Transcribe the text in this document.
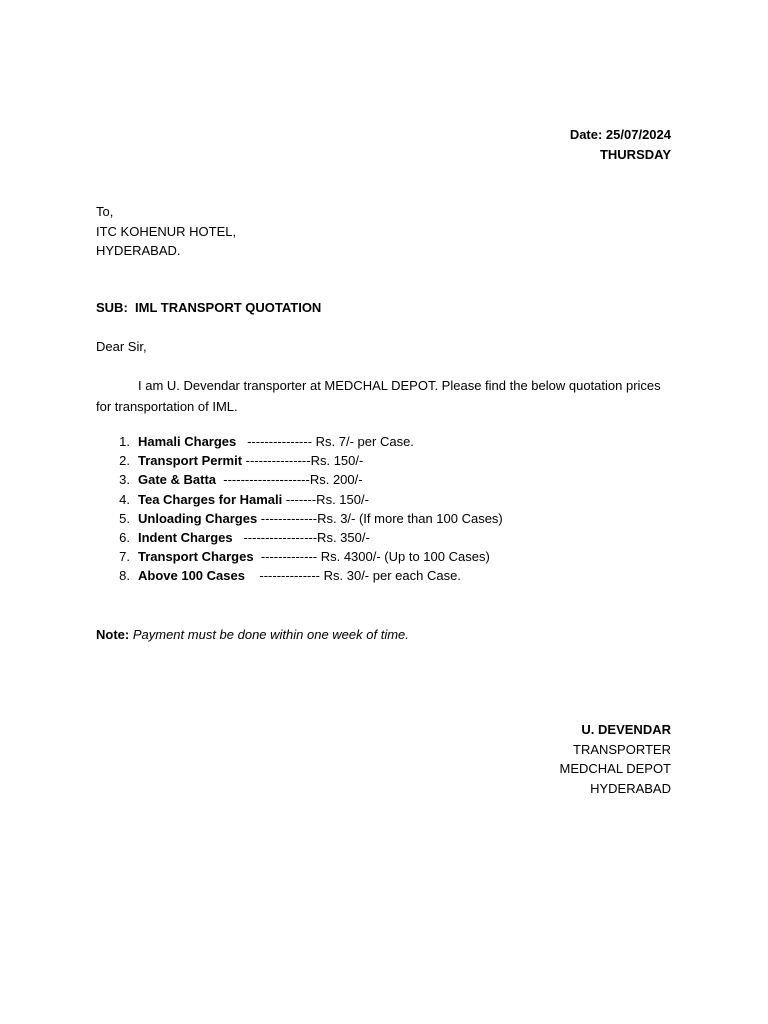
Date: 25/07/2024
THURSDAY
To,
ITC KOHENUR HOTEL,
HYDERABAD.
SUB:  IML TRANSPORT QUOTATION
Dear Sir,
I am U. Devendar transporter at MEDCHAL DEPOT. Please find the below quotation prices
for transportation of IML.
1. Hamali Charges   --------------- Rs. 7/- per Case.
2. Transport Permit ---------------Rs. 150/-
3. Gate & Batta  --------------------Rs. 200/-
4. Tea Charges for Hamali -------Rs. 150/-
5. Unloading Charges -------------Rs. 3/- (If more than 100 Cases)
6. Indent Charges   -----------------Rs. 350/-
7. Transport Charges  ------------- Rs. 4300/- (Up to 100 Cases)
8. Above 100 Cases    -------------- Rs. 30/- per each Case.
Note: Payment must be done within one week of time.
U. DEVENDAR
TRANSPORTER
MEDCHAL DEPOT
HYDERABAD
